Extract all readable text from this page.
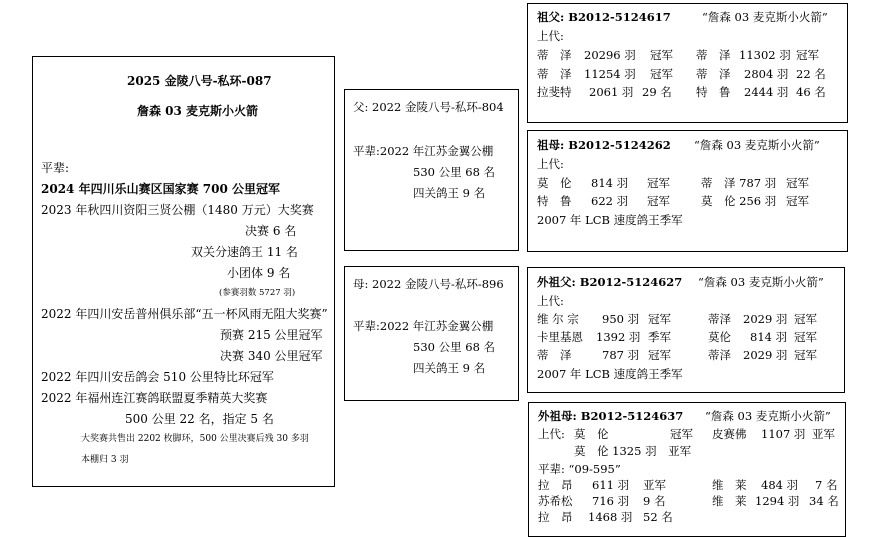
2025 金陵八号-私环-087
詹森 03 麦克斯小火箭
平辈:
2024 年四川乐山赛区国家赛 700 公里冠军
2023 年秋四川资阳三贤公棚（1480 万元）大奖赛
决赛 6 名
双关分速鸽王 11 名
小团体 9 名
(参赛羽数 5727 羽)
2022 年四川安岳普州俱乐部“五一杯风雨无阻大奖赛”
预赛 215 公里冠军
决赛 340 公里冠军
2022 年四川安岳鸽会 510 公里特比环冠军
2022 年福州连江赛鸽联盟夏季精英大奖赛
500 公里 22 名，指定 5 名
大奖赛共售出 2202 枚脚环，500 公里决赛后残 30 多羽
本棚归 3 羽
父: 2022 金陵八号-私环-804
平辈:2022 年江苏金翼公棚
530 公里 68 名
四关鸽王 9 名
母: 2022 金陵八号-私环-896
平辈:2022 年江苏金翼公棚
530 公里 68 名
四关鸽王 9 名
祖父: B2012-5124617	“詹森 03 麦克斯小火箭”
上代:
蒂　泽 20296 羽 冠军 蒂　泽 11302 羽 冠军
蒂　泽 11254 羽 冠军 蒂　泽 2804 羽 22 名
拉斐特 2061 羽 29 名 特　鲁 2444 羽 46 名
祖母: B2012-5124262 “詹森 03 麦克斯小火箭”
上代:
莫　伦 814 羽 冠军	蒂　泽 787 羽 冠军
特　鲁 622 羽 冠军	莫　伦 256 羽 冠军
2007 年 LCB 速度鸽王季军
外祖父: B2012-5124627 “詹森 03 麦克斯小火箭”
上代:
维 尔 宗 950 羽 冠军	蒂泽 2029 羽 冠军
卡里基恩 1392 羽 季军	莫伦 814 羽 冠军
蒂　泽	787 羽 冠军	蒂泽 2029 羽 冠军
2007 年 LCB 速度鸽王季军
外祖母: B2012-5124637 “詹森 03 麦克斯小火箭”
上代: 莫　伦	冠军 皮赛佛 1107 羽 亚军
莫　伦 1325 羽　亚军
平辈: “09-595”
拉　昂 611 羽 亚军	维　莱 484 羽 7 名
苏希松 716 羽 9 名	维　莱 1294 羽 34 名
拉　昂 1468 羽 52 名
